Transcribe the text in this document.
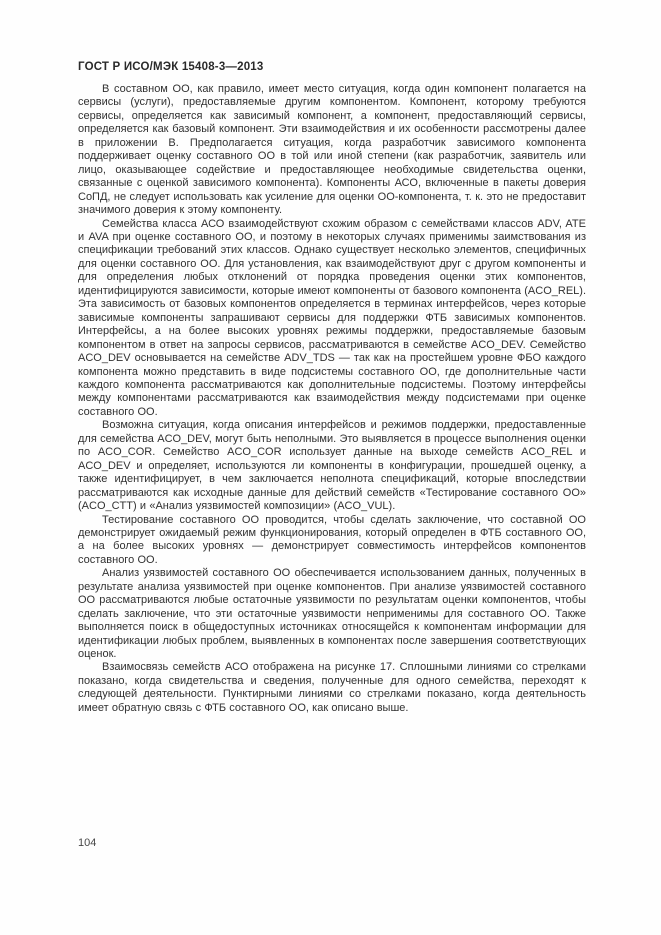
ГОСТ Р ИСО/МЭК 15408-3—2013

В составном ОО, как правило, имеет место ситуация, когда один компонент полагается на сервисы (услуги), предоставляемые другим компонентом. Компонент, которому требуются сервисы, определяется как зависимый компонент, а компонент, предоставляющий сервисы, определяется как базовый компонент. Эти взаимодействия и их особенности рассмотрены далее в приложении В. Предполагается ситуация, когда разработчик зависимого компонента поддерживает оценку составного ОО в той или иной степени (как разработчик, заявитель или лицо, оказывающее содействие и предоставляющее необходимые свидетельства оценки, связанные с оценкой зависимого компонента). Компоненты АСО, включенные в пакеты доверия СоПД, не следует использовать как усиление для оценки ОО-компонента, т. к. это не предоставит значимого доверия к этому компоненту.

Семейства класса АСО взаимодействуют схожим образом с семействами классов ADV, ATE и AVA при оценке составного ОО, и поэтому в некоторых случаях применимы заимствования из спецификации требований этих классов. Однако существует несколько элементов, специфичных для оценки составного ОО. Для установления, как взаимодействуют друг с другом компоненты и для определения любых отклонений от порядка проведения оценки этих компонентов, идентифицируются зависимости, которые имеют компоненты от базового компонента (ACO_REL). Эта зависимость от базовых компонентов определяется в терминах интерфейсов, через которые зависимые компоненты запрашивают сервисы для поддержки ФТБ зависимых компонентов. Интерфейсы, а на более высоких уровнях режимы поддержки, предоставляемые базовым компонентом в ответ на запросы сервисов, рассматриваются в семействе ACO_DEV. Семейство ACO_DEV основывается на семействе ADV_TDS — так как на простейшем уровне ФБО каждого компонента можно представить в виде подсистемы составного ОО, где дополнительные части каждого компонента рассматриваются как дополнительные подсистемы. Поэтому интерфейсы между компонентами рассматриваются как взаимодействия между подсистемами при оценке составного ОО.

Возможна ситуация, когда описания интерфейсов и режимов поддержки, предоставленные для семейства ACO_DEV, могут быть неполными. Это выявляется в процессе выполнения оценки по ACO_COR. Семейство ACO_COR использует данные на выходе семейств ACO_REL и ACO_DEV и определяет, используются ли компоненты в конфигурации, прошедшей оценку, а также идентифицирует, в чем заключается неполнота спецификаций, которые впоследствии рассматриваются как исходные данные для действий семейств «Тестирование составного ОО» (ACO_CTT) и «Анализ уязвимостей композиции» (ACO_VUL).

Тестирование составного ОО проводится, чтобы сделать заключение, что составной ОО демонстрирует ожидаемый режим функционирования, который определен в ФТБ составного ОО, а на более высоких уровнях — демонстрирует совместимость интерфейсов компонентов составного ОО.

Анализ уязвимостей составного ОО обеспечивается использованием данных, полученных в результате анализа уязвимостей при оценке компонентов. При анализе уязвимостей составного ОО рассматриваются любые остаточные уязвимости по результатам оценки компонентов, чтобы сделать заключение, что эти остаточные уязвимости неприменимы для составного ОО. Также выполняется поиск в общедоступных источниках относящейся к компонентам информации для идентификации любых проблем, выявленных в компонентах после завершения соответствующих оценок.

Взаимосвязь семейств АСО отображена на рисунке 17. Сплошными линиями со стрелками показано, когда свидетельства и сведения, полученные для одного семейства, переходят к следующей деятельности. Пунктирными линиями со стрелками показано, когда деятельность имеет обратную связь с ФТБ составного ОО, как описано выше.

104
